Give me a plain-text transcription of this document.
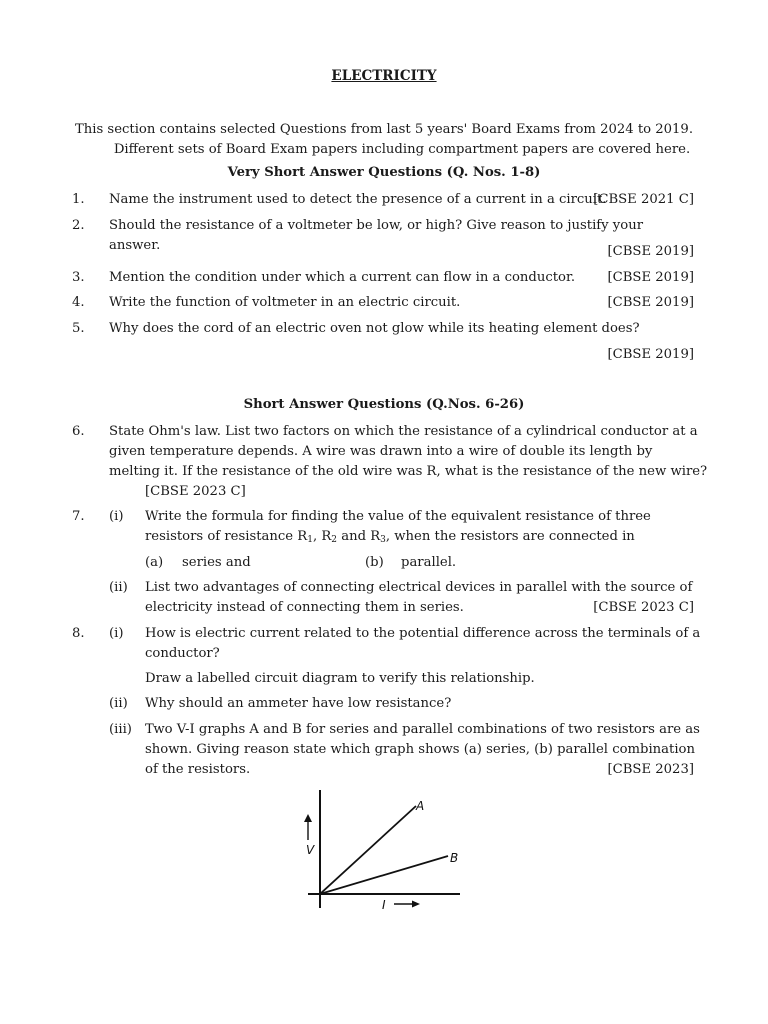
ELECTRICITY
This section contains selected Questions from last 5 years' Board Exams from 2024 to 2019.
Different sets of Board Exam papers including compartment papers are covered here.
Very Short Answer Questions (Q. Nos. 1-8)
1. Name the instrument used to detect the presence of a current in a circuit.
[CBSE 2021 C]
2. Should the resistance of a voltmeter be low, or high? Give reason to justify your answer.	[CBSE 2019]
3. Mention the condition under which a current can flow in a conductor.	[CBSE 2019]
4. Write the function of voltmeter in an electric circuit.	[CBSE 2019]
5. Why does the cord of an electric oven not glow while its heating element does?
[CBSE 2019]
Short Answer Questions (Q.Nos. 6-26)
6. State Ohm's law. List two factors on which the resistance of a cylindrical conductor at a
given temperature depends. A wire was drawn into a wire of double its length by
melting it. If the resistance of the old wire was R, what is the resistance of the new wire?
[CBSE 2023 C]
7. (i) Write the formula for finding the value of the equivalent resistance of three
resistors of resistance $R_1$, $R_2$ and $R_3$, when the resistors are connected in
(a) series and	(b) parallel.
(ii) List two advantages of connecting electrical devices in parallel with the source of
electricity instead of connecting them in series.	[CBSE 2023 C]
8. (i) How is electric current related to the potential difference across the terminals of a
conductor?
Draw a labelled circuit diagram to verify this relationship.
(ii) Why should an ammeter have low resistance?
(iii) Two V-I graphs A and B for series and parallel combinations of two resistors are as
shown. Giving reason state which graph shows (a) series, (b) parallel combination
of the resistors.	[CBSE 2023]
V
A
B
I
